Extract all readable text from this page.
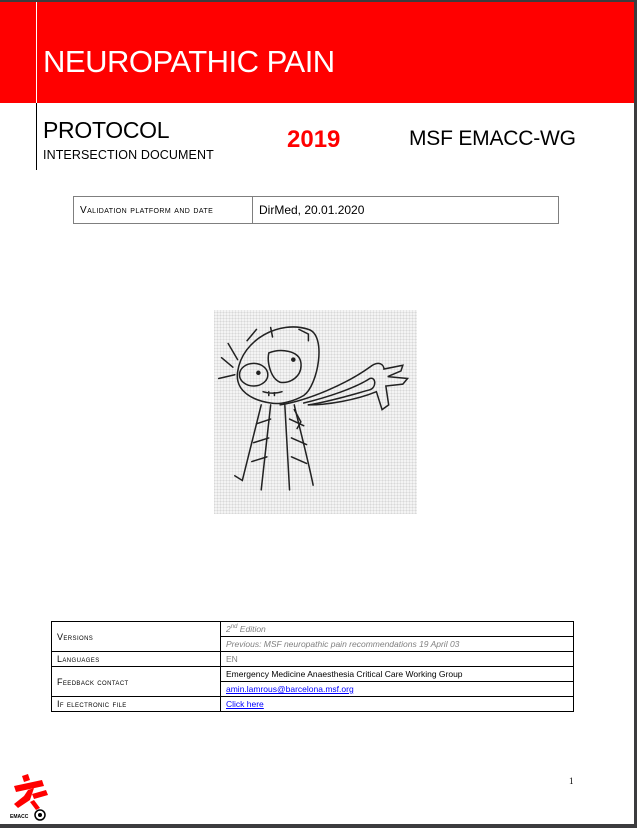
NEUROPATHIC PAIN
PROTOCOL
INTERSECTION DOCUMENT
2019	MSF EMACC-WG
Validation platform and date	DirMed, 20.01.2020
Versions	2nd Edition
	Previous: MSF neuropathic pain recommendations 19 April 03
Languages	EN
Feedback contact	Emergency Medicine Anaesthesia Critical Care Working Group
	amin.lamrous@barcelona.msf.org
If electronic file	Click here
EMACC
1
